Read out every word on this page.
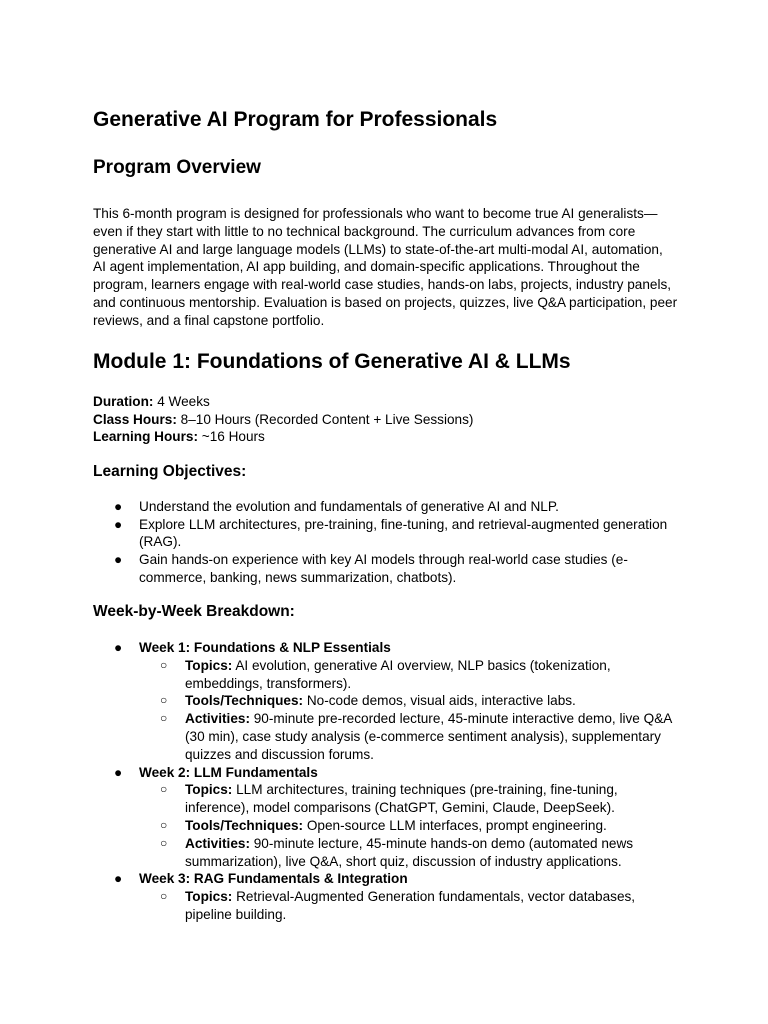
Generative AI Program for Professionals
Program Overview

This 6-month program is designed for professionals who want to become true AI generalists—even if they start with little to no technical background. The curriculum advances from core generative AI and large language models (LLMs) to state-of-the-art multi-modal AI, automation, AI agent implementation, AI app building, and domain-specific applications. Throughout the program, learners engage with real-world case studies, hands-on labs, projects, industry panels, and continuous mentorship. Evaluation is based on projects, quizzes, live Q&A participation, peer reviews, and a final capstone portfolio.

Module 1: Foundations of Generative AI & LLMs
Duration: 4 Weeks
Class Hours: 8–10 Hours (Recorded Content + Live Sessions)
Learning Hours: ~16 Hours
Learning Objectives:
● Understand the evolution and fundamentals of generative AI and NLP.
● Explore LLM architectures, pre-training, fine-tuning, and retrieval-augmented generation (RAG).
● Gain hands-on experience with key AI models through real-world case studies (e-commerce, banking, news summarization, chatbots).
Week-by-Week Breakdown:
● Week 1: Foundations & NLP Essentials
○ Topics: AI evolution, generative AI overview, NLP basics (tokenization, embeddings, transformers).
○ Tools/Techniques: No-code demos, visual aids, interactive labs.
○ Activities: 90-minute pre-recorded lecture, 45-minute interactive demo, live Q&A (30 min), case study analysis (e-commerce sentiment analysis), supplementary quizzes and discussion forums.
● Week 2: LLM Fundamentals
○ Topics: LLM architectures, training techniques (pre-training, fine-tuning, inference), model comparisons (ChatGPT, Gemini, Claude, DeepSeek).
○ Tools/Techniques: Open-source LLM interfaces, prompt engineering.
○ Activities: 90-minute lecture, 45-minute hands-on demo (automated news summarization), live Q&A, short quiz, discussion of industry applications.
● Week 3: RAG Fundamentals & Integration
○ Topics: Retrieval-Augmented Generation fundamentals, vector databases, pipeline building.
